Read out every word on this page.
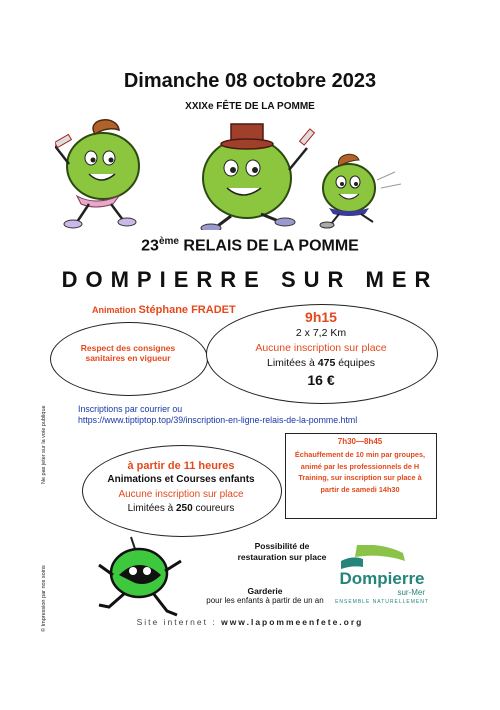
Dimanche 08 octobre 2023
XXIXe FÊTE DE LA POMME
23ème RELAIS DE LA POMME
DOMPIERRE SUR MER
Animation Stéphane FRADET
Respect des consignes sanitaires en vigueur
9h15
2 x 7,2 Km
Aucune inscription sur place
Limitées à 475 équipes
16 €
Inscriptions par courrier ou
https://www.tiptiptop.top/39/inscription-en-ligne-relais-de-la-pomme.html
Ne pas jeter sur la voie publique
© Impression par nos soins
à partir de 11 heures
Animations et Courses enfants
Aucune inscription sur place
Limitées à 250 coureurs
7h30—8h45
Échauffement de 10 min par groupes, animé par les professionnels de H Training, sur inscription sur place à partir de samedi 14h30
Possibilité de restauration sur place
Garderie
pour les enfants à partir de un an
Dompierre
sur-Mer
ENSEMBLE NATURELLEMENT
Site internet : www.lapommeenfete.org
